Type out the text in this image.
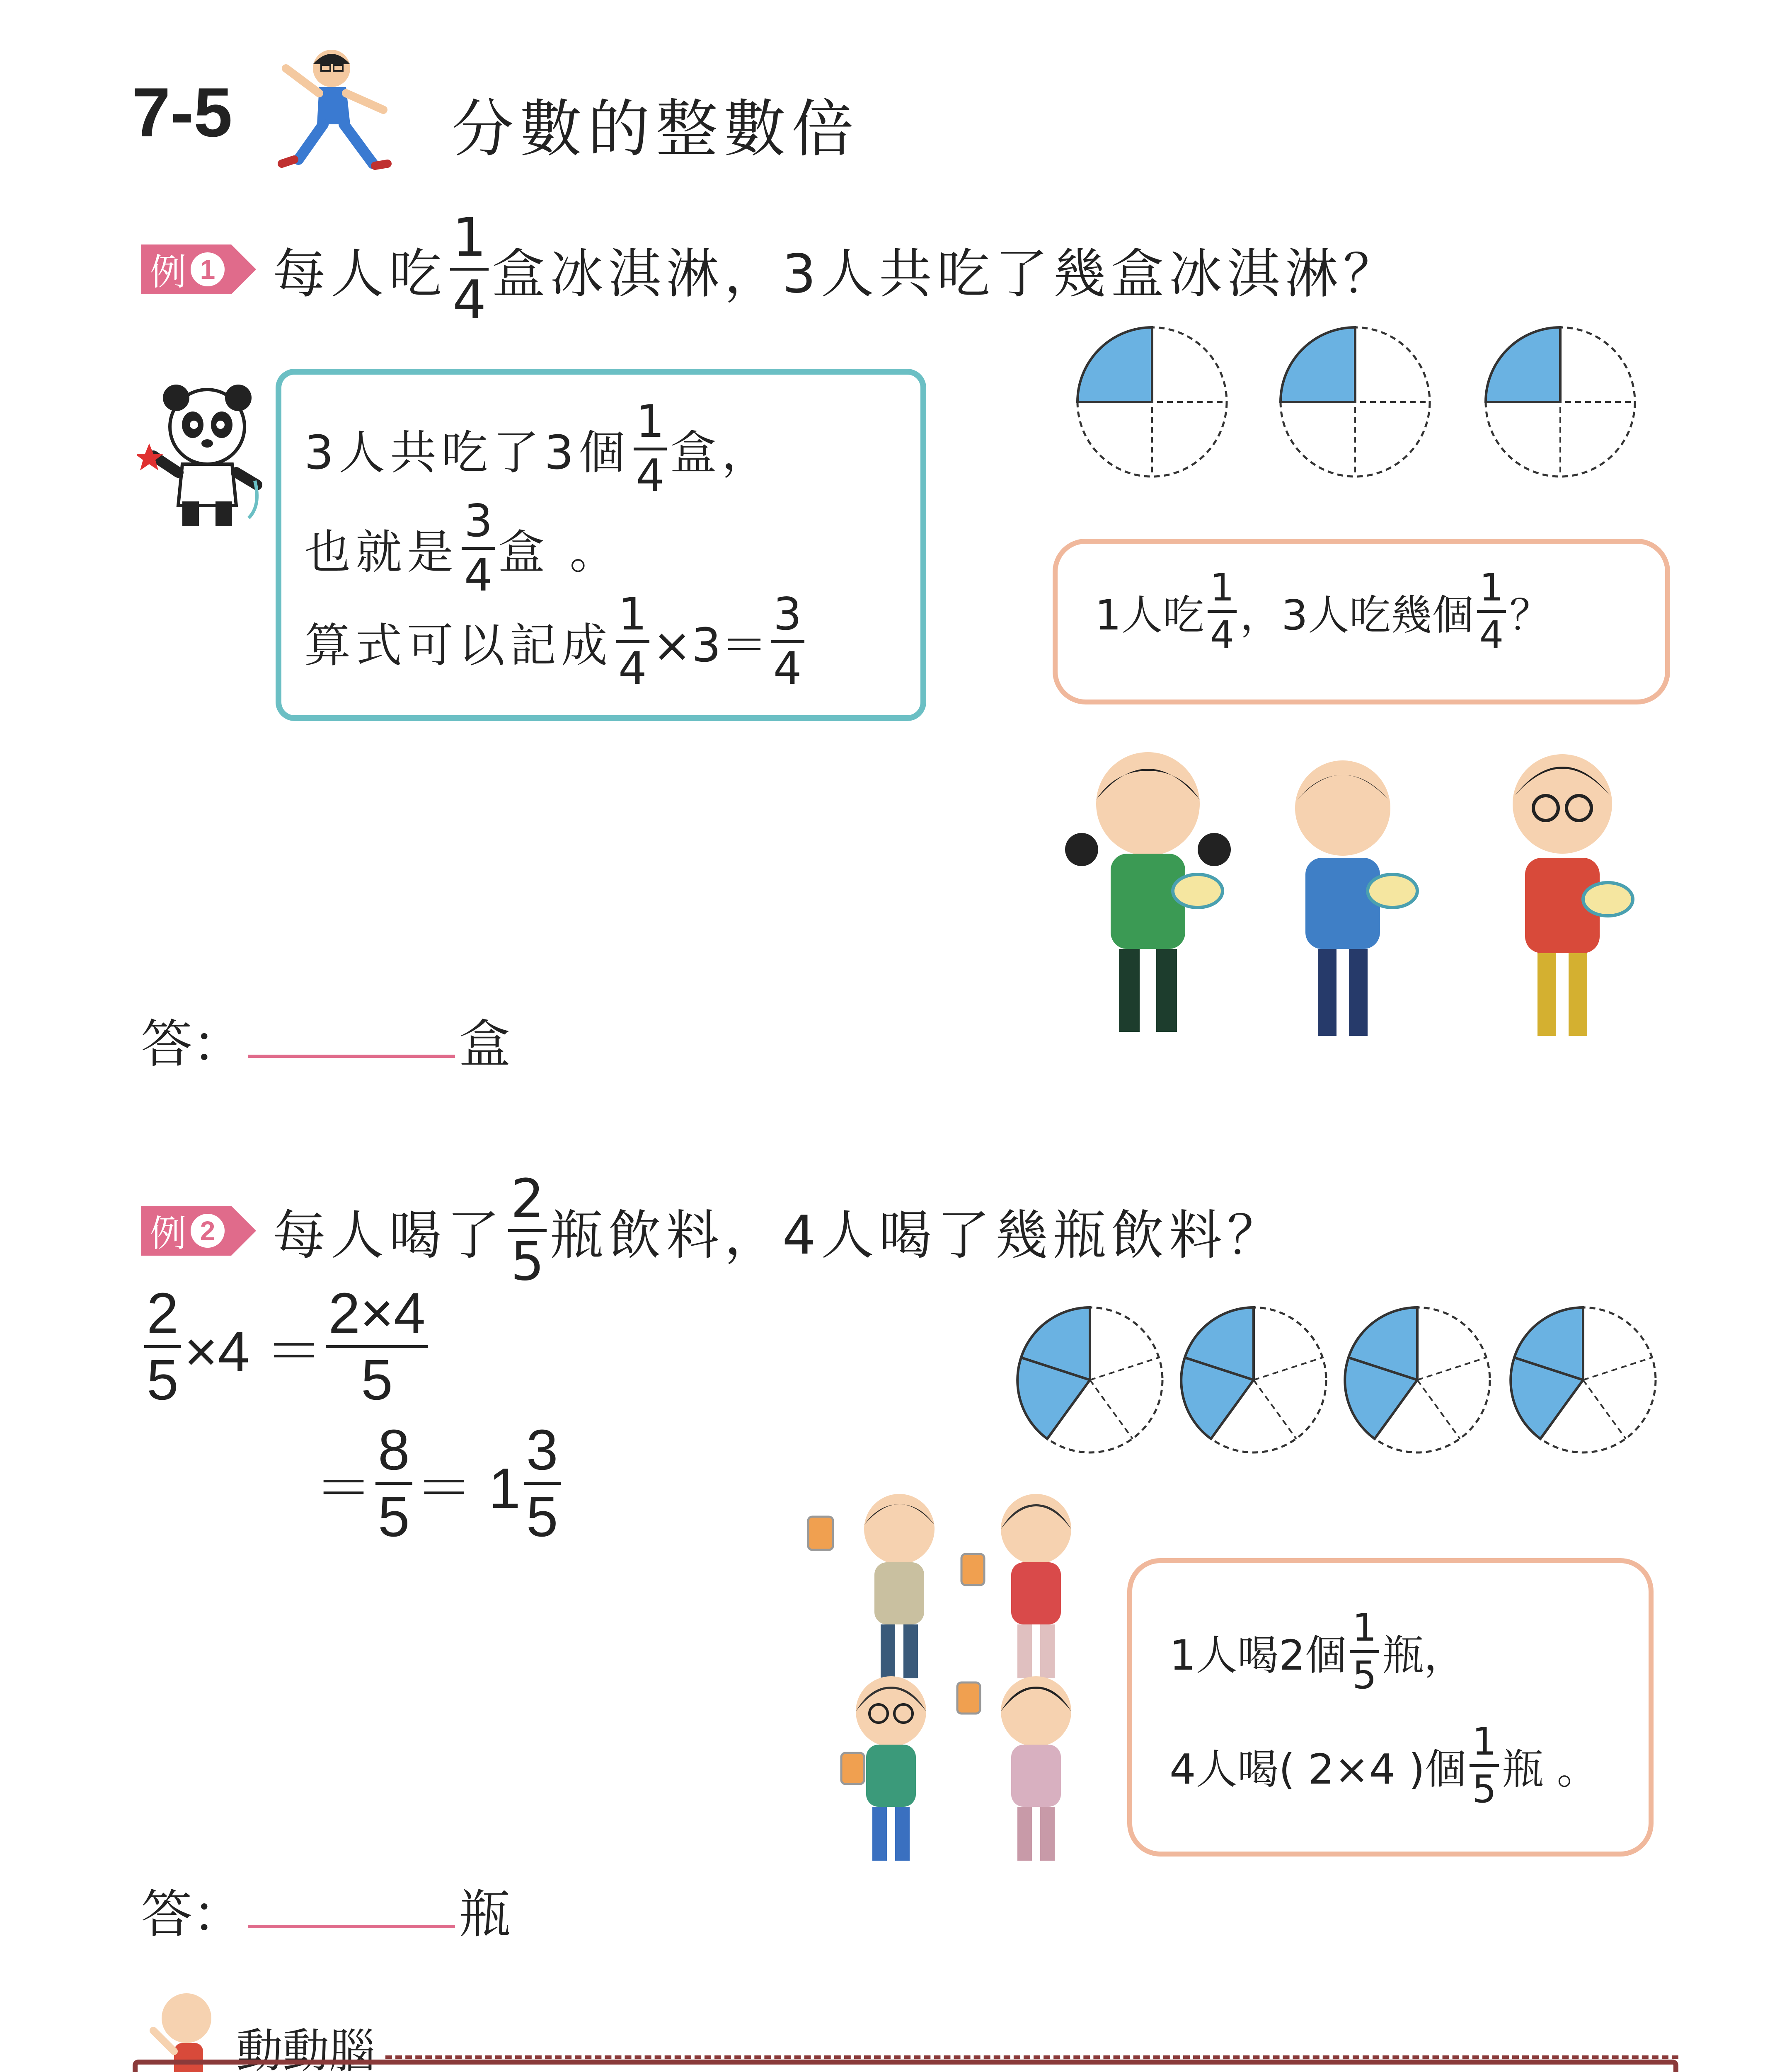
7-5	分數的整數倍
例 1 每人吃
1
4 盒冰淇淋，3人共吃了幾盒冰淇淋？
3人共吃了3個
1
4 盒，
也就是
3
4 盒 。
算式可以記成
1
4 ×3＝
3
4
1人吃
1
4 ，3人吃幾個
1
4 ？
答：	盒
例 2 每人喝了
2
5 瓶飲料，4人喝了幾瓶飲料？
2
5 ×4 ＝
2×4
5
＝
8
5 ＝ 1
3
5
1人喝2個
1
5 瓶，
4人喝( 2×4 )個
1
5 瓶 。
答：	瓶
動動腦
